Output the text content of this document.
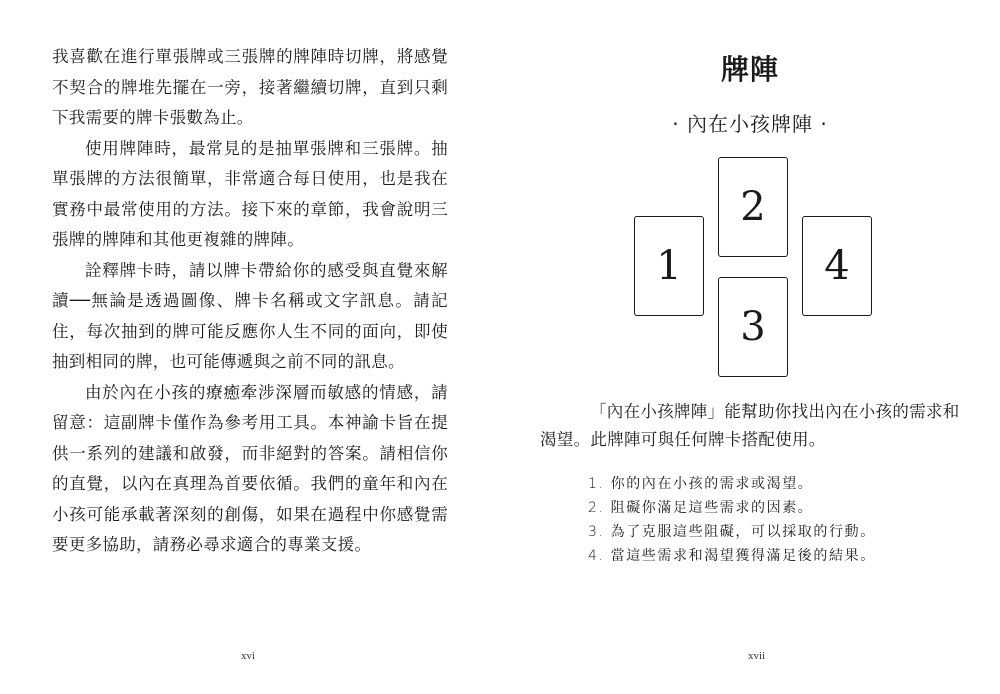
我喜歡在進行單張牌或三張牌的牌陣時切牌，將感覺不契合的牌堆先擺在一旁，接著繼續切牌，直到只剩下我需要的牌卡張數為止。

使用牌陣時，最常見的是抽單張牌和三張牌。抽單張牌的方法很簡單，非常適合每日使用，也是我在實務中最常使用的方法。接下來的章節，我會說明三張牌的牌陣和其他更複雜的牌陣。

詮釋牌卡時，請以牌卡帶給你的感受與直覺來解讀──無論是透過圖像、牌卡名稱或文字訊息。請記住，每次抽到的牌可能反應你人生不同的面向，即使抽到相同的牌，也可能傳遞與之前不同的訊息。

由於內在小孩的療癒牽涉深層而敏感的情感，請留意：這副牌卡僅作為參考用工具。本神諭卡旨在提供一系列的建議和啟發，而非絕對的答案。請相信你的直覺，以內在真理為首要依循。我們的童年和內在小孩可能承載著深刻的創傷，如果在過程中你感覺需要更多協助，請務必尋求適合的專業支援。

xvi
牌陣
· 內在小孩牌陣 ·
1
2
3
4

「內在小孩牌陣」能幫助你找出內在小孩的需求和渴望。此牌陣可與任何牌卡搭配使用。

1. 你的內在小孩的需求或渴望。
2. 阻礙你滿足這些需求的因素。
3. 為了克服這些阻礙，可以採取的行動。
4. 當這些需求和渴望獲得滿足後的結果。
xvii
